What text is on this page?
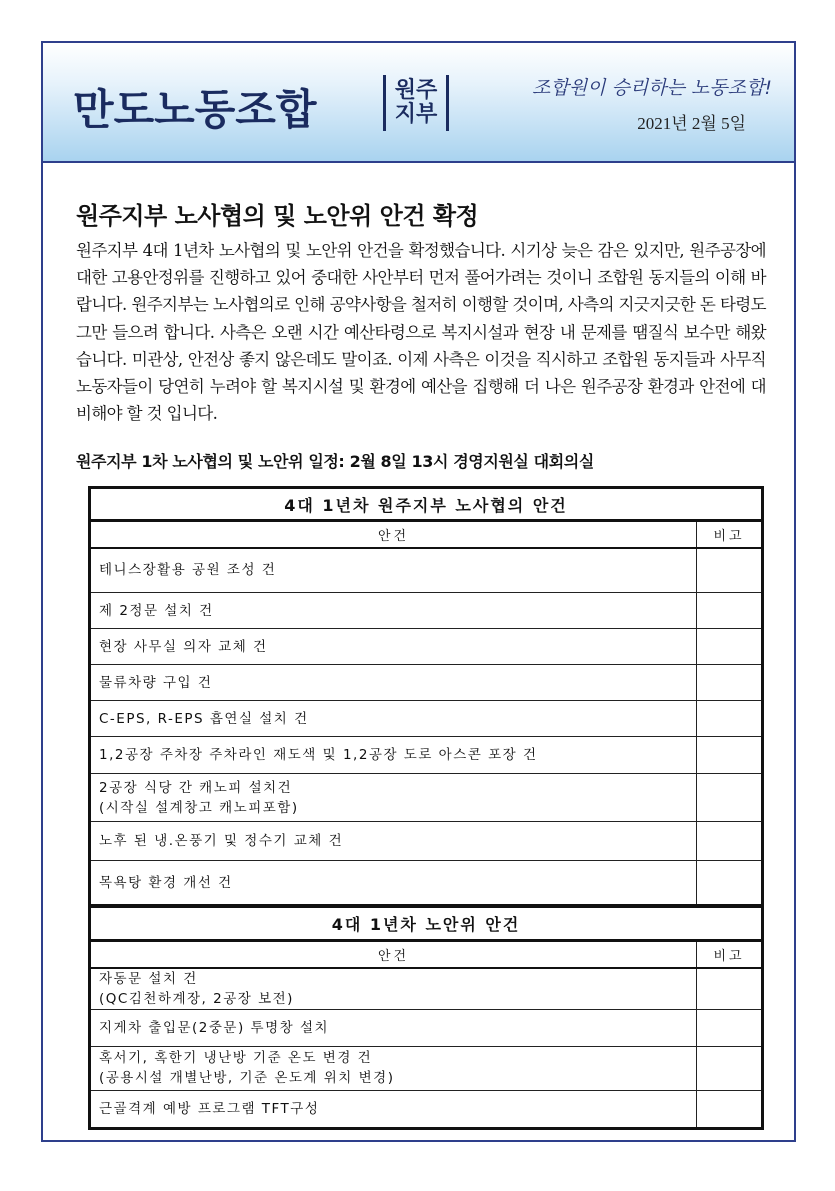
만도노동조합	원주
지부
조합원이 승리하는 노동조합!
2021년 2월 5일
원주지부 노사협의 및 노안위 안건 확정
원주지부 4대 1년차 노사협의 및 노안위 안건을 확정했습니다. 시기상 늦은 감은 있지만, 원주공장에 대한 고용안정위를 진행하고 있어 중대한 사안부터 먼저 풀어가려는 것이니 조합원 동지들의 이해 바랍니다. 원주지부는 노사협의로 인해 공약사항을 철저히 이행할 것이며, 사측의 지긋지긋한 돈 타령도 그만 들으려 합니다. 사측은 오랜 시간 예산타령으로 복지시설과 현장 내 문제를 땜질식 보수만 해왔습니다. 미관상, 안전상 좋지 않은데도 말이죠. 이제 사측은 이것을 직시하고 조합원 동지들과 사무직 노동자들이 당연히 누려야 할 복지시설 및 환경에 예산을 집행해 더 나은 원주공장 환경과 안전에 대비해야 할 것 입니다.
원주지부 1차 노사협의 및 노안위 일정: 2월 8일 13시 경영지원실 대회의실
4대 1년차 원주지부 노사협의 안건	
안건	비고

테니스장활용 공원 조성 건	

제 2정문 설치 건	

현장 사무실 의자 교체 건	

물류차량 구입 건	

C-EPS, R-EPS 흡연실 설치 건	

1,2공장 주차장 주차라인 재도색 및 1,2공장 도로 아스콘 포장 건	

2공장 식당 간 캐노피 설치건
(시작실 설계창고 캐노피포함)	

노후 된 냉.온풍기 및 정수기 교체 건	

목욕탕 환경 개선 건	

4대 1년차 노안위 안건	
안건	비고

자동문 설치 건
(QC김천하계장, 2공장 보전)	

지게차 출입문(2중문) 투명창 설치	

혹서기, 혹한기 냉난방 기준 온도 변경 건
(공용시설 개별난방, 기준 온도계 위치 변경)	

근골격계 예방 프로그램 TFT구성	
